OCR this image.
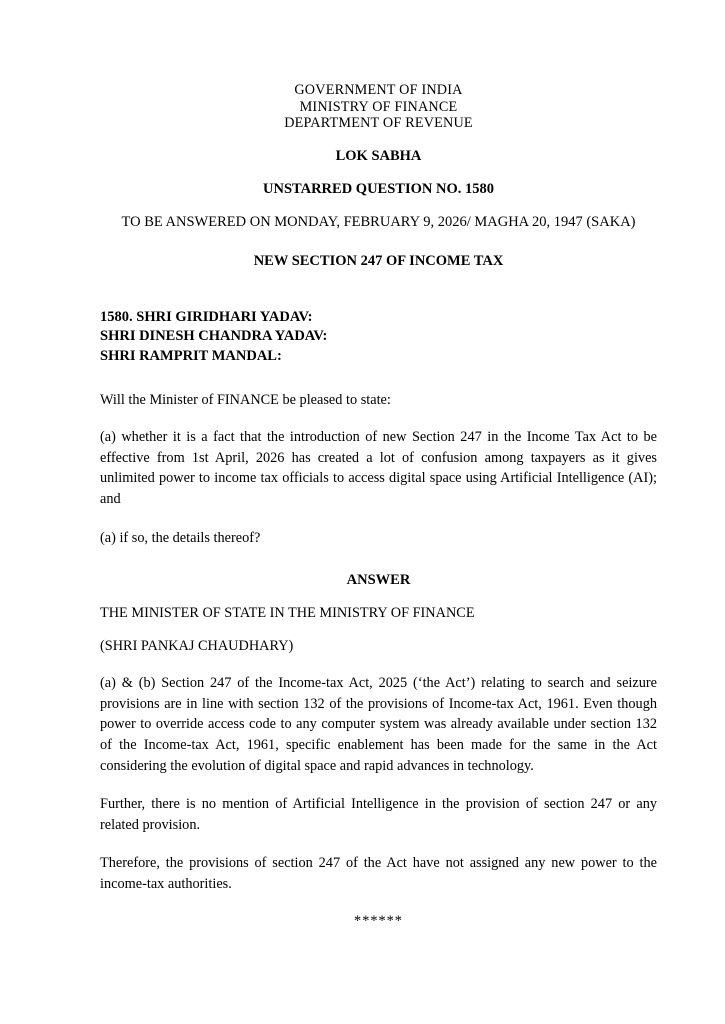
GOVERNMENT OF INDIA
MINISTRY OF FINANCE
DEPARTMENT OF REVENUE
LOK SABHA
UNSTARRED QUESTION NO. 1580
TO BE ANSWERED ON MONDAY, FEBRUARY 9, 2026/ MAGHA 20, 1947 (SAKA)
NEW SECTION 247 OF INCOME TAX
1580. SHRI GIRIDHARI YADAV:
SHRI DINESH CHANDRA YADAV:
SHRI RAMPRIT MANDAL:
Will the Minister of FINANCE be pleased to state:

(a) whether it is a fact that the introduction of new Section 247 in the Income Tax Act to be effective from 1st April, 2026 has created a lot of confusion among taxpayers as it gives unlimited power to income tax officials to access digital space using Artificial Intelligence (AI); and

(a) if so, the details thereof?

ANSWER
THE MINISTER OF STATE IN THE MINISTRY OF FINANCE
(SHRI PANKAJ CHAUDHARY)

(a) & (b) Section 247 of the Income-tax Act, 2025 (‘the Act’) relating to search and seizure provisions are in line with section 132 of the provisions of Income-tax Act, 1961. Even though power to override access code to any computer system was already available under section 132 of the Income-tax Act, 1961, specific enablement has been made for the same in the Act considering the evolution of digital space and rapid advances in technology.

Further, there is no mention of Artificial Intelligence in the provision of section 247 or any related provision.

Therefore, the provisions of section 247 of the Act have not assigned any new power to the income-tax authorities.

******
